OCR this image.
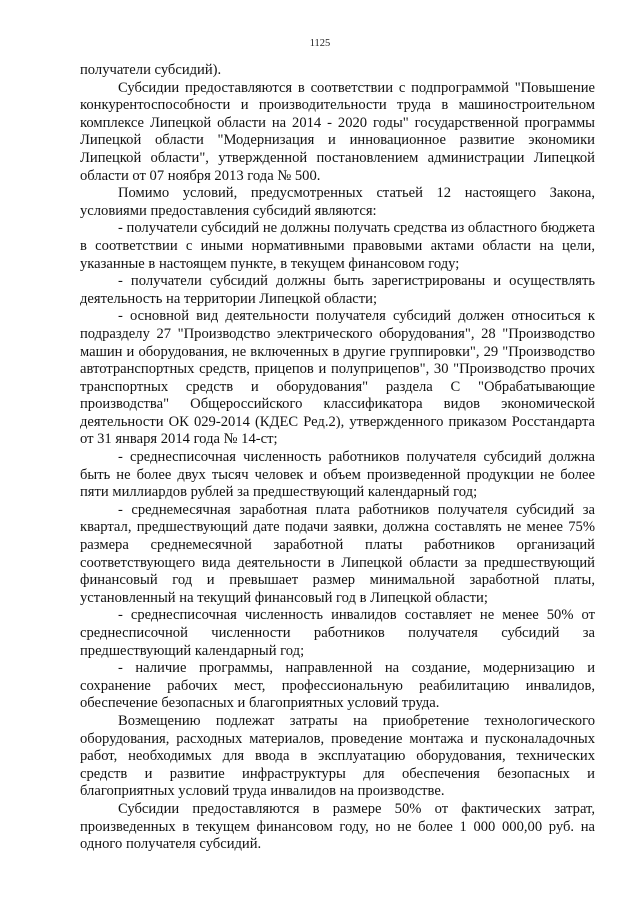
1125

получатели субсидий).

Субсидии предоставляются в соответствии с подпрограммой "Повышение конкурентоспособности и производительности труда в машиностроительном комплексе Липецкой области на 2014 - 2020 годы" государственной программы Липецкой области "Модернизация и инновационное развитие экономики Липецкой области", утвержденной постановлением администрации Липецкой области от 07 ноября 2013 года № 500.

Помимо условий, предусмотренных статьей 12 настоящего Закона, условиями предоставления субсидий являются:

- получатели субсидий не должны получать средства из областного бюджета в соответствии с иными нормативными правовыми актами области на цели, указанные в настоящем пункте, в текущем финансовом году;

- получатели субсидий должны быть зарегистрированы и осуществлять деятельность на территории Липецкой области;

- основной вид деятельности получателя субсидий должен относиться к подразделу 27 "Производство электрического оборудования", 28 "Производство машин и оборудования, не включенных в другие группировки", 29 "Производство автотранспортных средств, прицепов и полуприцепов", 30 "Производство прочих транспортных средств и оборудования" раздела С "Обрабатывающие производства" Общероссийского классификатора видов экономической деятельности ОК 029-2014 (КДЕС Ред.2), утвержденного приказом Росстандарта от 31 января 2014 года № 14-ст;

- среднесписочная численность работников получателя субсидий должна быть не более двух тысяч человек и объем произведенной продукции не более пяти миллиардов рублей за предшествующий календарный год;

- среднемесячная заработная плата работников получателя субсидий за квартал, предшествующий дате подачи заявки, должна составлять не менее 75% размера среднемесячной заработной платы работников организаций соответствующего вида деятельности в Липецкой области за предшествующий финансовый год и превышает размер минимальной заработной платы, установленный на текущий финансовый год в Липецкой области;

- среднесписочная численность инвалидов составляет не менее 50% от среднесписочной численности работников получателя субсидий за предшествующий календарный год;

- наличие программы, направленной на создание, модернизацию и сохранение рабочих мест, профессиональную реабилитацию инвалидов, обеспечение безопасных и благоприятных условий труда.

Возмещению подлежат затраты на приобретение технологического оборудования, расходных материалов, проведение монтажа и пусконаладочных работ, необходимых для ввода в эксплуатацию оборудования, технических средств и развитие инфраструктуры для обеспечения безопасных и благоприятных условий труда инвалидов на производстве.

Субсидии предоставляются в размере 50% от фактических затрат, произведенных в текущем финансовом году, но не более 1 000 000,00 руб. на одного получателя субсидий.
